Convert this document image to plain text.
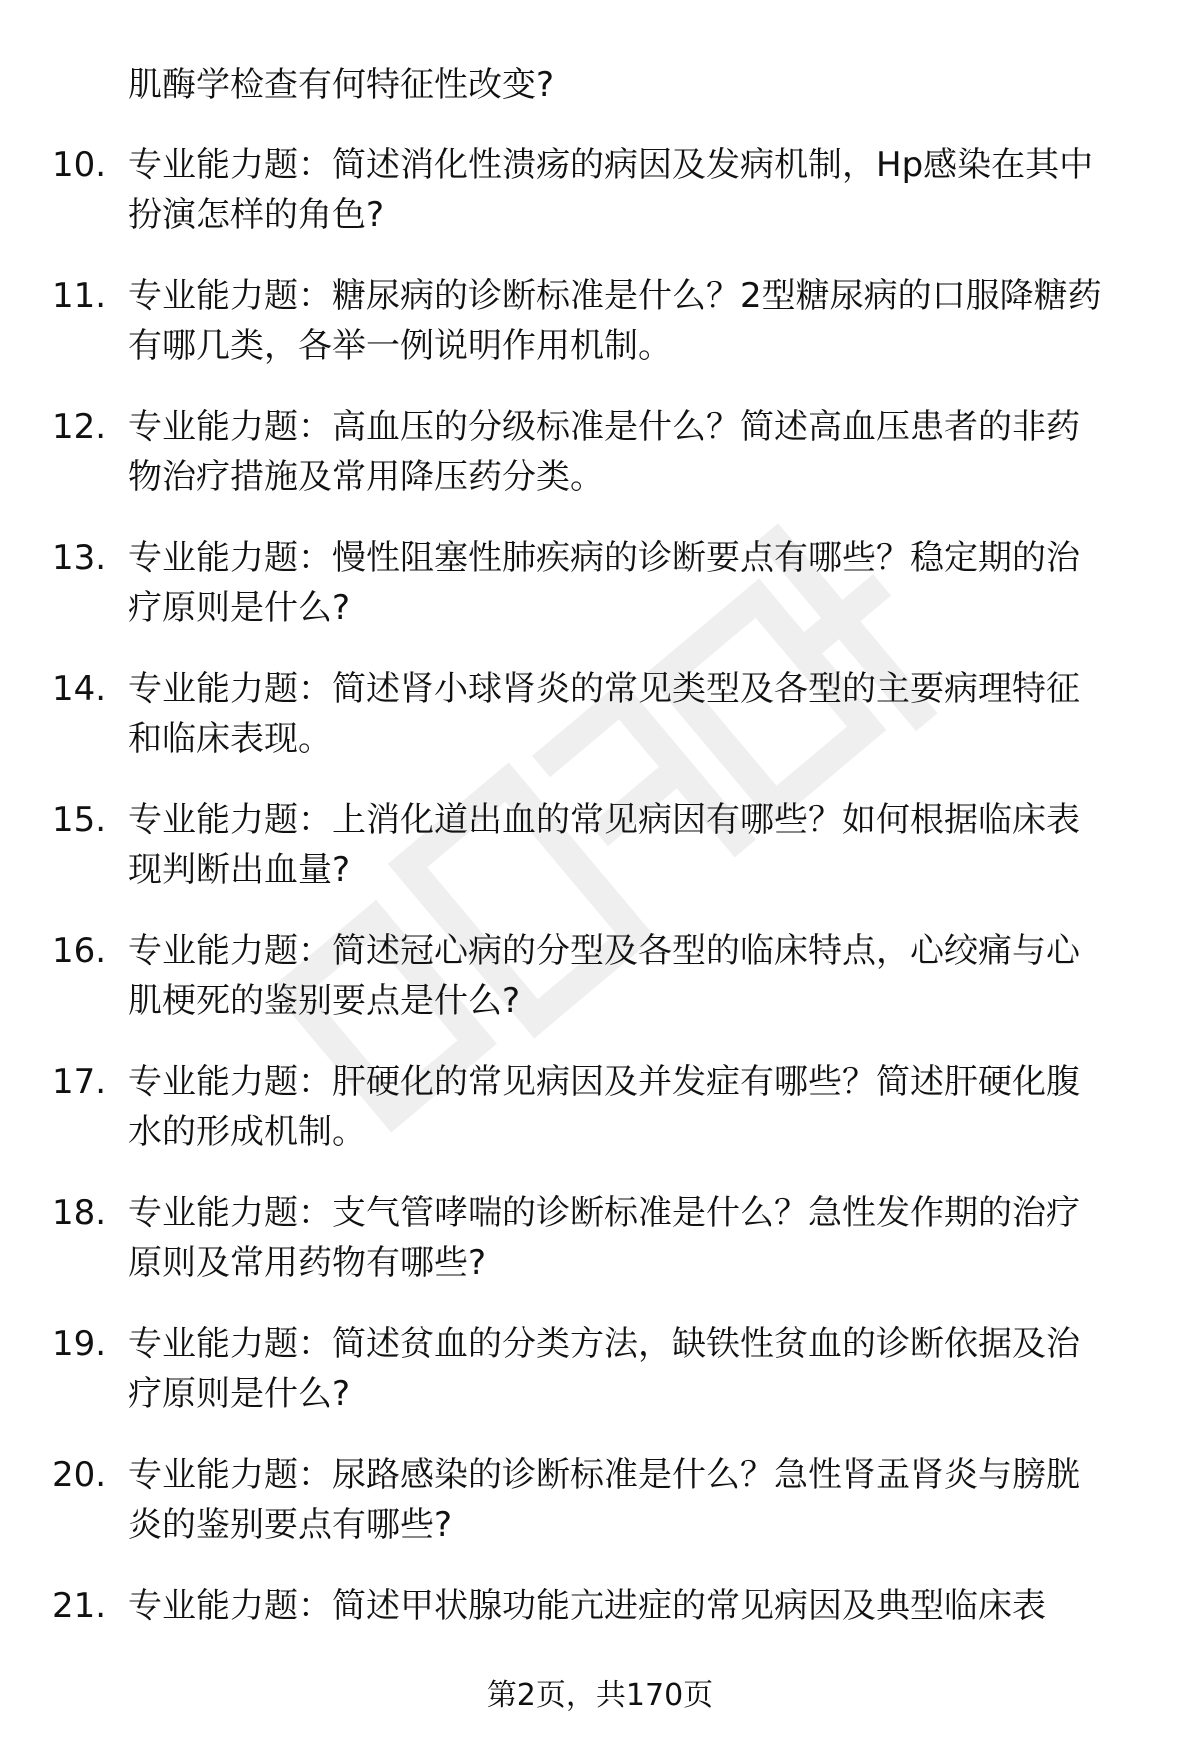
肌酶学检查有何特征性改变?
10. 专业能力题：简述消化性溃疡的病因及发病机制，Hp感染在其中
扮演怎样的角色?
11. 专业能力题：糖尿病的诊断标准是什么？2型糖尿病的口服降糖药
有哪几类，各举一例说明作用机制。
12. 专业能力题：高血压的分级标准是什么？简述高血压患者的非药
物治疗措施及常用降压药分类。
13. 专业能力题：慢性阻塞性肺疾病的诊断要点有哪些？稳定期的治
疗原则是什么?
14. 专业能力题：简述肾小球肾炎的常见类型及各型的主要病理特征
和临床表现。
15. 专业能力题：上消化道出血的常见病因有哪些？如何根据临床表
现判断出血量?
16. 专业能力题：简述冠心病的分型及各型的临床特点，心绞痛与心
肌梗死的鉴别要点是什么?
17. 专业能力题：肝硬化的常见病因及并发症有哪些？简述肝硬化腹
水的形成机制。
18. 专业能力题：支气管哮喘的诊断标准是什么？急性发作期的治疗
原则及常用药物有哪些?
19. 专业能力题：简述贫血的分类方法，缺铁性贫血的诊断依据及治
疗原则是什么?
20. 专业能力题：尿路感染的诊断标准是什么？急性肾盂肾炎与膀胱
炎的鉴别要点有哪些?
21. 专业能力题：简述甲状腺功能亢进症的常见病因及典型临床表
第2页，共170页
